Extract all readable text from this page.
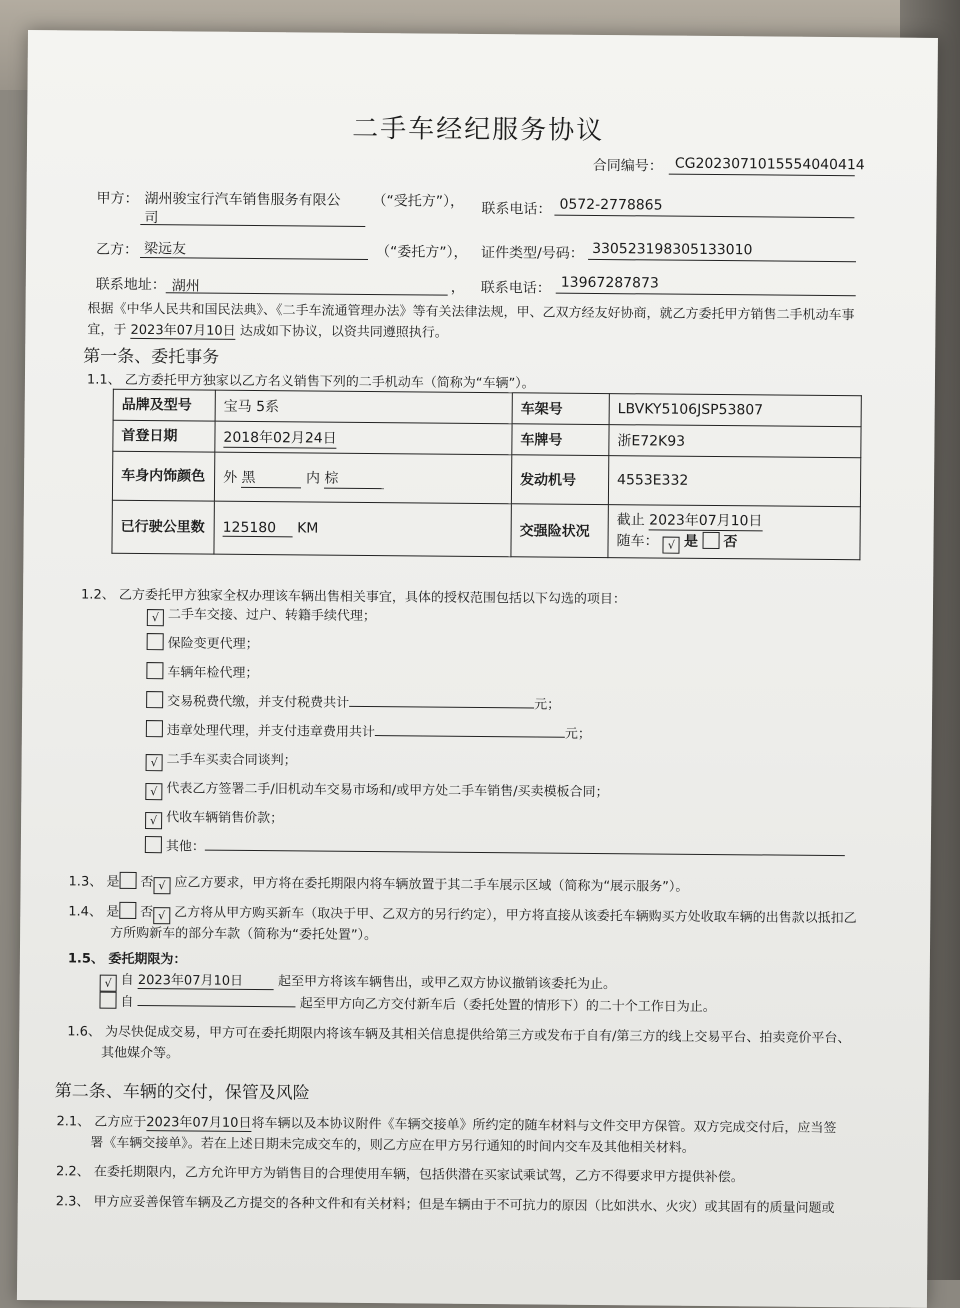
二手车经纪服务协议
合同编号： CG2023071015554040414
甲方： 湖州骏宝行汽车销售服务有限公
司
（“受托方”）， 联系电话： 0572-2778865
乙方： 梁远友	（“委托方”）， 证件类型/号码： 330523198305133010
联系地址： 湖州	， 联系电话： 13967287873
根据《中华人民共和国民法典》、《二手车流通管理办法》等有关法律法规，甲、乙双方经友好协商，就乙方委托甲方销售二手机动车事
宜，于 2023年07月10日 达成如下协议，以资共同遵照执行。
第一条、委托事务
1.1、 乙方委托甲方独家以乙方名义销售下列的二手机动车（简称为“车辆”）。
品牌及型号	宝马 5系	车架号	LBVKY5106JSP53807
首登日期	2018年02月24日	车牌号	浙E72K93
车身内饰颜色	外 黑 内 棕	发动机号	4553E332
已行驶公里数	125180 KM	交强险状况	截止 2023年07月10日
随车： √ 是 否
1.2、 乙方委托甲方独家全权办理该车辆出售相关事宜，具体的授权范围包括以下勾选的项目：
√ 二手车交接、过户、转籍手续代理；
保险变更代理；
车辆年检代理；
交易税费代缴，并支付税费共计	元；
违章处理代理，并支付违章费用共计	元；
√ 二手车买卖合同谈判；
√ 代表乙方签署二手/旧机动车交易市场和/或甲方处二手车销售/买卖模板合同；
√ 代收车辆销售价款；
其他：
1.3、 是 否 √ 应乙方要求，甲方将在委托期限内将车辆放置于其二手车展示区域（简称为“展示服务”）。
1.4、 是 否 √ 乙方将从甲方购买新车（取决于甲、乙双方的另行约定），甲方将直接从该委托车辆购买方处收取车辆的出售款以抵扣乙
方所购新车的部分车款（简称为“委托处置”）。
1.5、 委托期限为：
√ 自 2023年07月10日	起至甲方将该车辆售出，或甲乙双方协议撤销该委托为止。
自	起至甲方向乙方交付新车后（委托处置的情形下）的二十个工作日为止。
1.6、 为尽快促成交易，甲方可在委托期限内将该车辆及其相关信息提供给第三方或发布于自有/第三方的线上交易平台、拍卖竞价平台、
其他媒介等。
第二条、车辆的交付，保管及风险
2.1、 乙方应于2023年07月10日将车辆以及本协议附件《车辆交接单》所约定的随车材料与文件交甲方保管。双方完成交付后，应当签
署《车辆交接单》。若在上述日期未完成交车的，则乙方应在甲方另行通知的时间内交车及其他相关材料。
2.2、 在委托期限内，乙方允许甲方为销售目的合理使用车辆，包括供潜在买家试乘试驾，乙方不得要求甲方提供补偿。
2.3、 甲方应妥善保管车辆及乙方提交的各种文件和有关材料；但是车辆由于不可抗力的原因（比如洪水、火灾）或其固有的质量问题或
